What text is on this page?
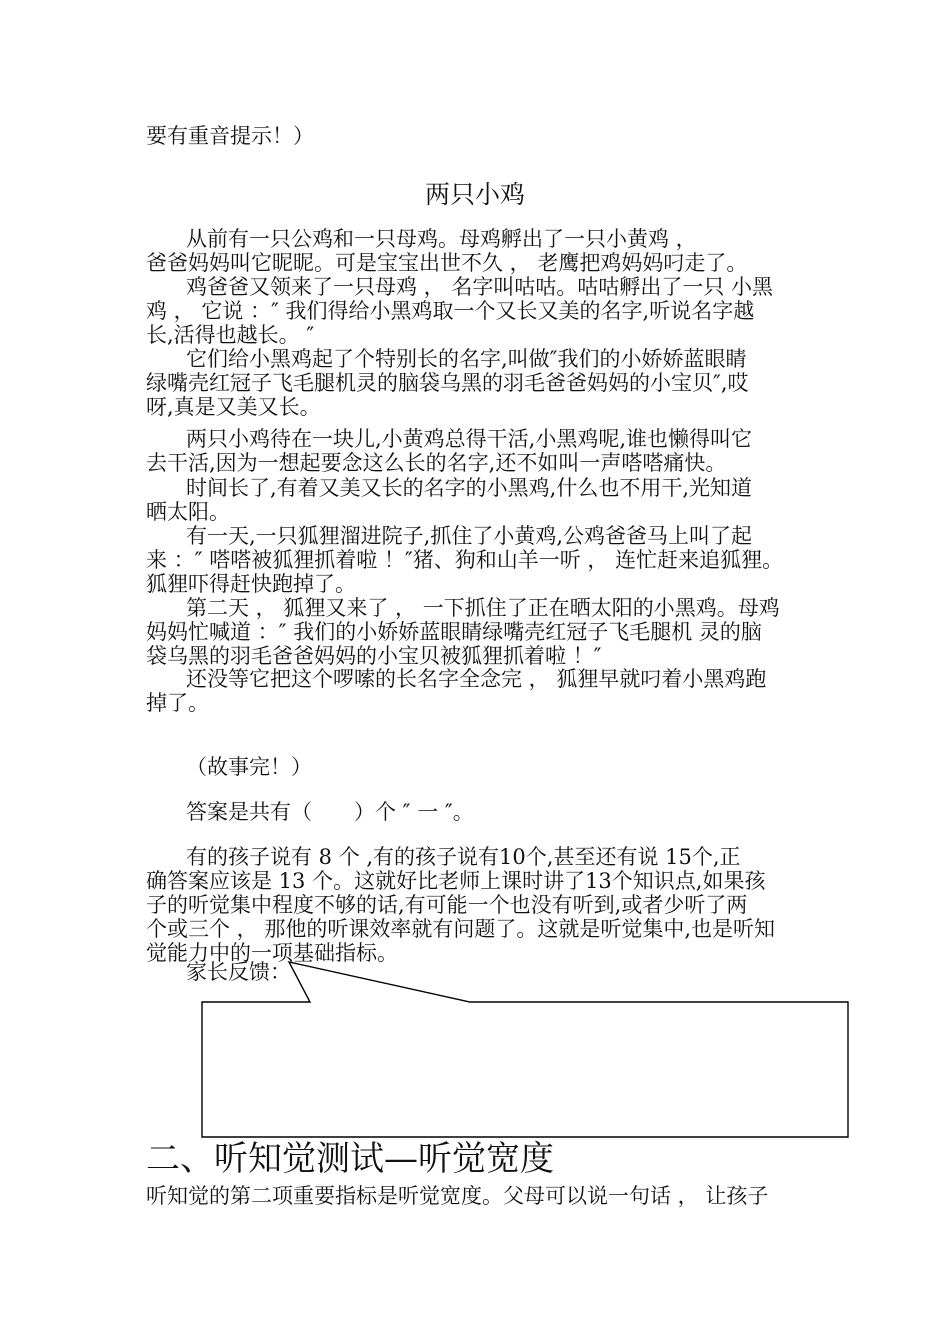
要有重音提示！）
两只小鸡
从前有一只公鸡和一只母鸡。母鸡孵出了一只小黄鸡 ，
爸爸妈妈叫它昵昵。可是宝宝出世不久 ， 老鹰把鸡妈妈叼走了。
鸡爸爸又领来了一只母鸡 ， 名字叫咕咕。咕咕孵出了一只 小黑
鸡 ， 它说 ：″ 我们得给小黑鸡取一个又长又美的名字,听说名字越
长,活得也越长。 ″
它们给小黑鸡起了个特别长的名字,叫做″我们的小娇娇蓝眼睛
绿嘴壳红冠子飞毛腿机灵的脑袋乌黑的羽毛爸爸妈妈的小宝贝″,哎
呀,真是又美又长。
两只小鸡待在一块儿,小黄鸡总得干活,小黑鸡呢,谁也懒得叫它
去干活,因为一想起要念这么长的名字,还不如叫一声嗒嗒痛快。
时间长了,有着又美又长的名字的小黑鸡,什么也不用干,光知道
晒太阳。
有一天,一只狐狸溜进院子,抓住了小黄鸡,公鸡爸爸马上叫了起
来 ：″ 嗒嗒被狐狸抓着啦 ！″猪、狗和山羊一听 ， 连忙赶来追狐狸。
狐狸吓得赶快跑掉了。
第二天 ， 狐狸又来了 ， 一下抓住了正在晒太阳的小黑鸡。母鸡
妈妈忙喊道 ：″ 我们的小娇娇蓝眼睛绿嘴壳红冠子飞毛腿机 灵的脑
袋乌黑的羽毛爸爸妈妈的小宝贝被狐狸抓着啦 ！″
还没等它把这个啰嗦的长名字全念完 ， 狐狸早就叼着小黑鸡跑
掉了。
（故事完！）
答案是共有（　　）个 ″ 一 ″。
有的孩子说有 8 个 ,有的孩子说有10个,甚至还有说 15个,正
确答案应该是 13 个。这就好比老师上课时讲了13个知识点,如果孩
子的听觉集中程度不够的话,有可能一个也没有听到,或者少听了两
个或三个 ， 那他的听课效率就有问题了。这就是听觉集中,也是听知
觉能力中的一项基础指标。
家长反馈：
二、听知觉测试—听觉宽度
听知觉的第二项重要指标是听觉宽度。父母可以说一句话 ， 让孩子
